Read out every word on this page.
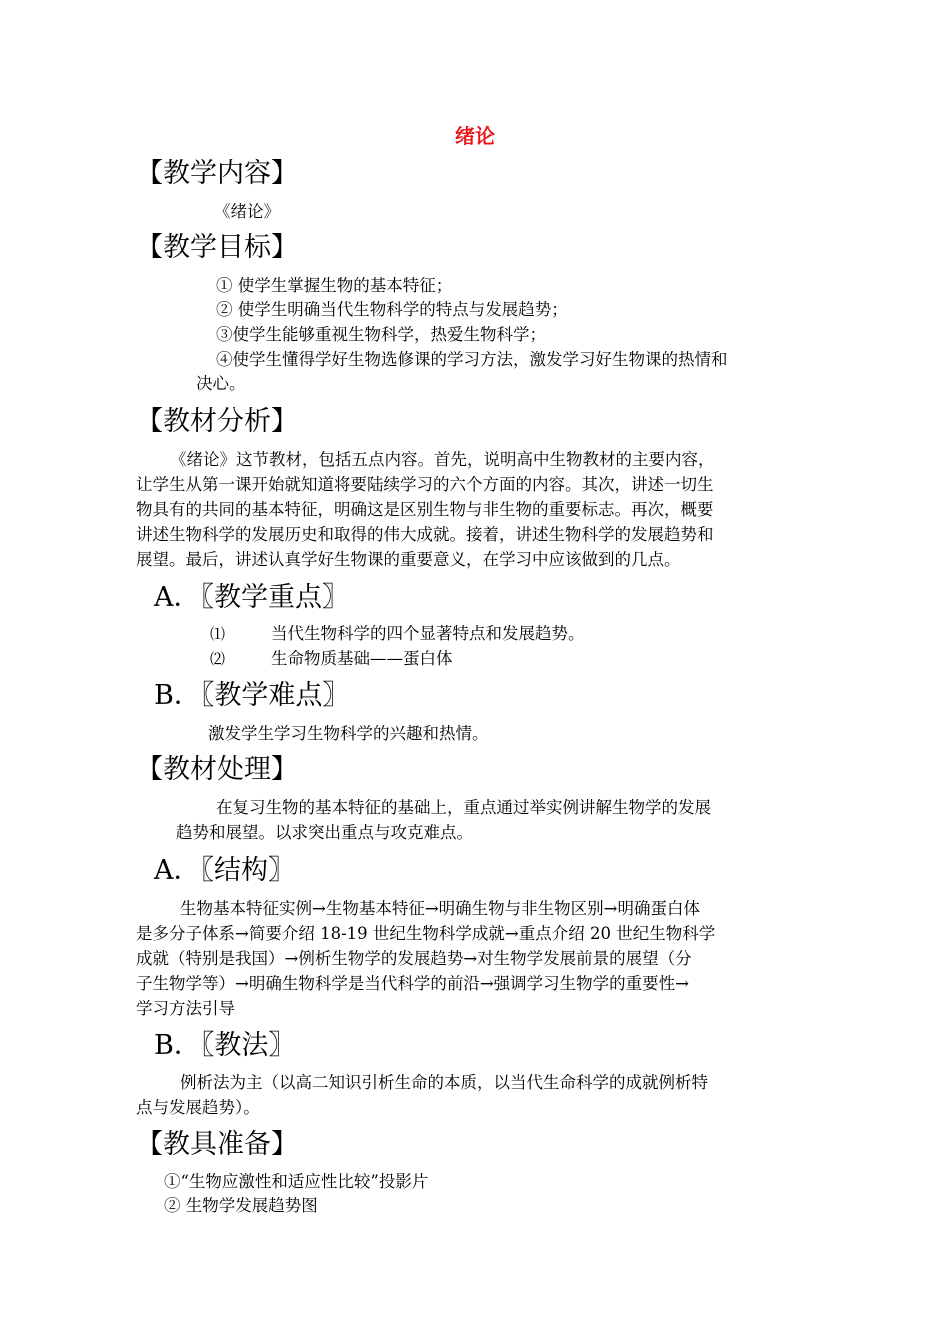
绪论
【教学内容】
《绪论》
【教学目标】
① 使学生掌握生物的基本特征；
② 使学生明确当代生物科学的特点与发展趋势；
③使学生能够重视生物科学，热爱生物科学；
④使学生懂得学好生物选修课的学习方法，激发学习好生物课的热情和
决心。
【教材分析】
《绪论》这节教材，包括五点内容。首先，说明高中生物教材的主要内容，
让学生从第一课开始就知道将要陆续学习的六个方面的内容。其次，讲述一切生
物具有的共同的基本特征，明确这是区别生物与非生物的重要标志。再次，概要
讲述生物科学的发展历史和取得的伟大成就。接着，讲述生物科学的发展趋势和
展望。最后，讲述认真学好生物课的重要意义，在学习中应该做到的几点。
A．〖教学重点〗
⑴	当代生物科学的四个显著特点和发展趋势。
⑵	生命物质基础——蛋白体
B．〖教学难点〗
激发学生学习生物科学的兴趣和热情。
【教材处理】
在复习生物的基本特征的基础上，重点通过举实例讲解生物学的发展
趋势和展望。以求突出重点与攻克难点。
A．〖结构〗
生物基本特征实例→生物基本特征→明确生物与非生物区别→明确蛋白体
是多分子体系→简要介绍 18-19 世纪生物科学成就→重点介绍 20 世纪生物科学
成就（特别是我国）→例析生物学的发展趋势→对生物学发展前景的展望（分
子生物学等）→明确生物科学是当代科学的前沿→强调学习生物学的重要性→
学习方法引导
B．〖教法〗
例析法为主（以高二知识引析生命的本质，以当代生命科学的成就例析特
点与发展趋势）。
【教具准备】
①“生物应激性和适应性比较”投影片
② 生物学发展趋势图
